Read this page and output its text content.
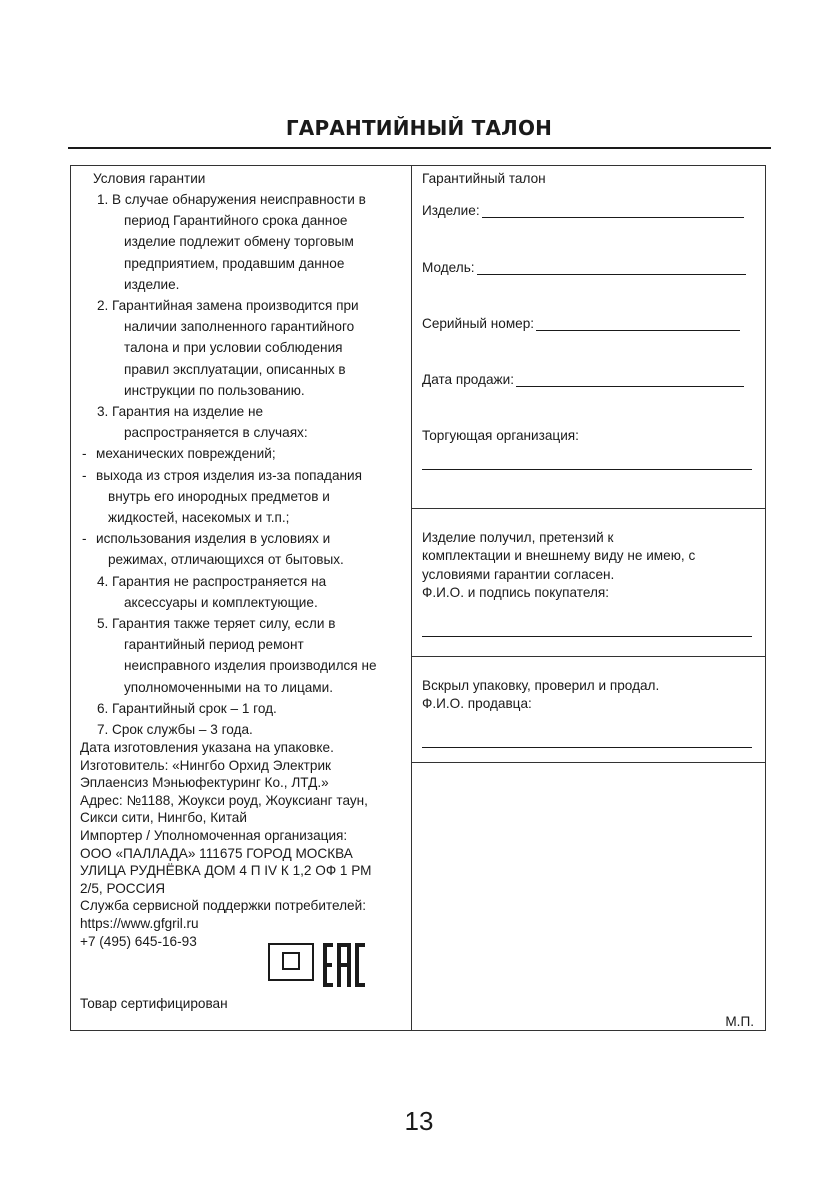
ГАРАНТИЙНЫЙ ТАЛОН
Условия гарантии
1. В случае обнаружения неисправности в
период Гарантийного срока данное
изделие подлежит обмену торговым
предприятием, продавшим данное
изделие.
2. Гарантийная замена производится при
наличии заполненного гарантийного
талона и при условии соблюдения
правил эксплуатации, описанных в
инструкции по пользованию.
3. Гарантия на изделие не
распространяется в случаях:
- механических повреждений;
- выхода из строя изделия из-за попадания
внутрь его инородных предметов и
жидкостей, насекомых и т.п.;
- использования изделия в условиях и
режимах, отличающихся от бытовых.
4. Гарантия не распространяется на
аксессуары и комплектующие.
5. Гарантия также теряет силу, если в
гарантийный период ремонт
неисправного изделия производился не
уполномоченными на то лицами.
6. Гарантийный срок – 1 год.
7. Срок службы – 3 года.
Дата изготовления указана на упаковке.
Изготовитель: «Нингбо Орхид Электрик
Эплаенсиз Мэньюфектуринг Ко., ЛТД.»
Адрес: №1188, Жоукси роуд, Жоуксианг таун,
Сикси сити, Нингбо, Китай
Импортер / Уполномоченная организация:
ООО «ПАЛЛАДА» 111675 ГОРОД МОСКВА
УЛИЦА РУДНЁВКА ДОМ 4 П IV К 1,2 ОФ 1 РМ
2/5, РОССИЯ
Служба сервисной поддержки потребителей:
https://www.gfgril.ru
+7 (495) 645-16-93
Товар сертифицирован
Гарантийный талон
Изделие:
Модель:
Серийный номер:
Дата продажи:
Торгующая организация:
Изделие получил, претензий к
комплектации и внешнему виду не имею, с
условиями гарантии согласен.
Ф.И.О. и подпись покупателя:
Вскрыл упаковку, проверил и продал.
Ф.И.О. продавца:
М.П.
13
